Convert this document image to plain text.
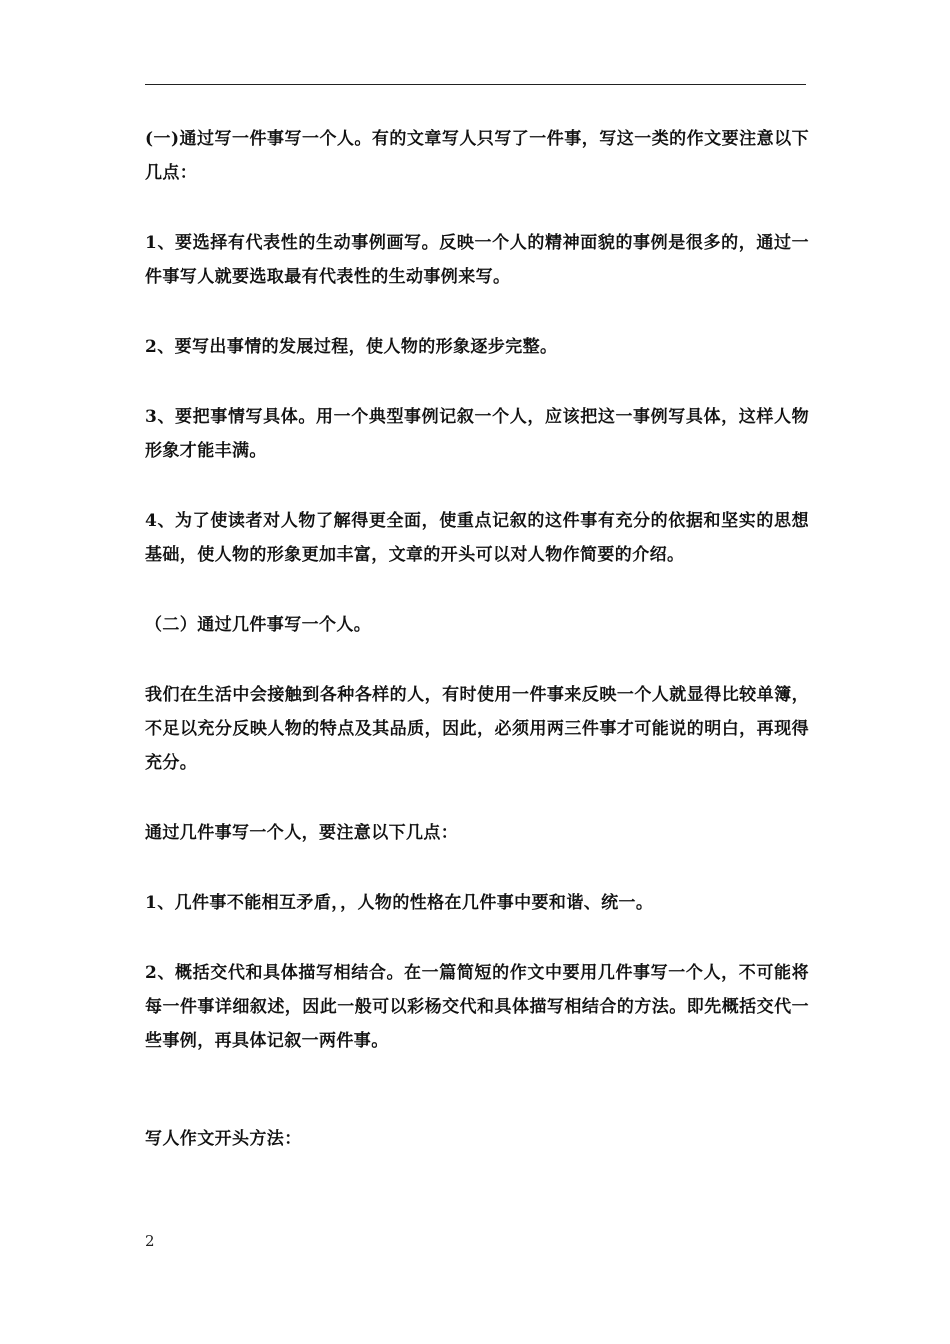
(一)通过写一件事写一个人。有的文章写人只写了一件事，写这一类的作文要注意以下几点：

1、要选择有代表性的生动事例画写。反映一个人的精神面貌的事例是很多的，通过一件事写人就要选取最有代表性的生动事例来写。

2、要写出事情的发展过程，使人物的形象逐步完整。

3、要把事情写具体。用一个典型事例记叙一个人，应该把这一事例写具体，这样人物形象才能丰满。

4、为了使读者对人物了解得更全面，使重点记叙的这件事有充分的依据和坚实的思想基础，使人物的形象更加丰富，文章的开头可以对人物作简要的介绍。

（二）通过几件事写一个人。

我们在生活中会接触到各种各样的人，有时使用一件事来反映一个人就显得比较单簿，不足以充分反映人物的特点及其品质，因此，必须用两三件事才可能说的明白，再现得充分。

通过几件事写一个人，要注意以下几点：

1、几件事不能相互矛盾，，人物的性格在几件事中要和谐、统一。

2、概括交代和具体描写相结合。在一篇简短的作文中要用几件事写一个人，不可能将每一件事详细叙述，因此一般可以彩杨交代和具体描写相结合的方法。即先概括交代一些事例，再具体记叙一两件事。

写人作文开头方法：

2
